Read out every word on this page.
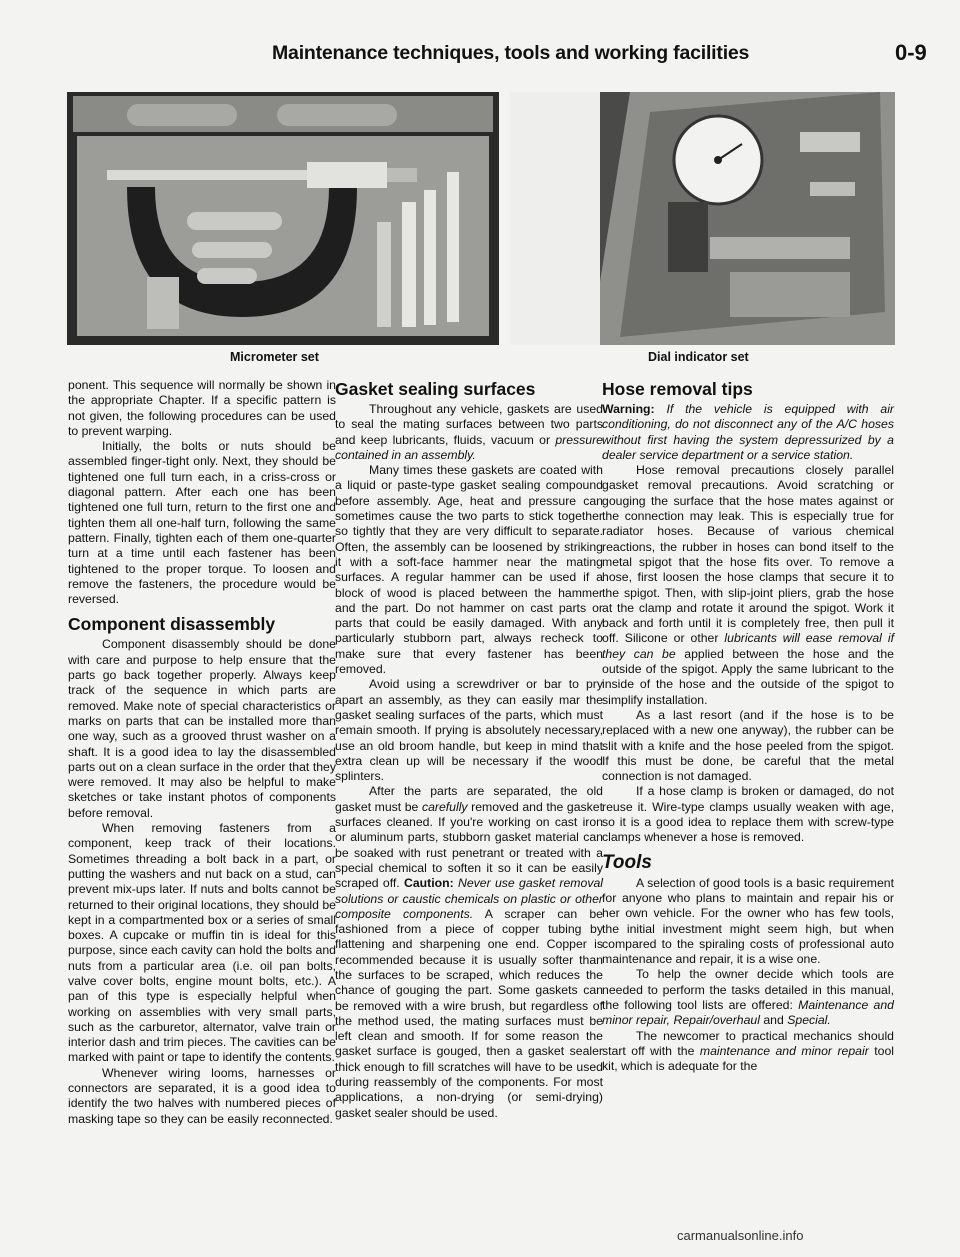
Maintenance techniques, tools and working facilities	0-9
Micrometer set	Dial indicator set

ponent. This sequence will normally be shown in the appropriate Chapter. If a specific pattern is not given, the following procedures can be used to prevent warping.

Initially, the bolts or nuts should be assembled finger-tight only. Next, they should be tightened one full turn each, in a criss-cross or diagonal pattern. After each one has been tightened one full turn, return to the first one and tighten them all one-half turn, following the same pattern. Finally, tighten each of them one-quarter turn at a time until each fastener has been tightened to the proper torque. To loosen and remove the fasteners, the procedure would be reversed.

Component disassembly

Component disassembly should be done with care and purpose to help ensure that the parts go back together properly. Always keep track of the sequence in which parts are removed. Make note of special characteristics or marks on parts that can be installed more than one way, such as a grooved thrust washer on a shaft. It is a good idea to lay the disassembled parts out on a clean surface in the order that they were removed. It may also be helpful to make sketches or take instant photos of components before removal.

When removing fasteners from a component, keep track of their locations. Sometimes threading a bolt back in a part, or putting the washers and nut back on a stud, can prevent mix-ups later. If nuts and bolts cannot be returned to their original locations, they should be kept in a compartmented box or a series of small boxes. A cupcake or muffin tin is ideal for this purpose, since each cavity can hold the bolts and nuts from a particular area (i.e. oil pan bolts, valve cover bolts, engine mount bolts, etc.). A pan of this type is especially helpful when working on assemblies with very small parts, such as the carburetor, alternator, valve train or interior dash and trim pieces. The cavities can be marked with paint or tape to identify the contents.

Whenever wiring looms, harnesses or connectors are separated, it is a good idea to identify the two halves with numbered pieces of masking tape so they can be easily reconnected.

Gasket sealing surfaces

Throughout any vehicle, gaskets are used to seal the mating surfaces between two parts and keep lubricants, fluids, vacuum or pressure contained in an assembly.

Many times these gaskets are coated with a liquid or paste-type gasket sealing compound before assembly. Age, heat and pressure can sometimes cause the two parts to stick together so tightly that they are very difficult to separate. Often, the assembly can be loosened by striking it with a soft-face hammer near the mating surfaces. A regular hammer can be used if a block of wood is placed between the hammer and the part. Do not hammer on cast parts or parts that could be easily damaged. With any particularly stubborn part, always recheck to make sure that every fastener has been removed.

Avoid using a screwdriver or bar to pry apart an assembly, as they can easily mar the gasket sealing surfaces of the parts, which must remain smooth. If prying is absolutely necessary, use an old broom handle, but keep in mind that extra clean up will be necessary if the wood splinters.

After the parts are separated, the old gasket must be carefully removed and the gasket surfaces cleaned. If you're working on cast iron or aluminum parts, stubborn gasket material can be soaked with rust penetrant or treated with a special chemical to soften it so it can be easily scraped off. Caution: Never use gasket removal solutions or caustic chemicals on plastic or other composite components. A scraper can be fashioned from a piece of copper tubing by flattening and sharpening one end. Copper is recommended because it is usually softer than the surfaces to be scraped, which reduces the chance of gouging the part. Some gaskets can be removed with a wire brush, but regardless of the method used, the mating surfaces must be left clean and smooth. If for some reason the gasket surface is gouged, then a gasket sealer thick enough to fill scratches will have to be used during reassembly of the components. For most applications, a non-drying (or semi-drying) gasket sealer should be used.

Hose removal tips

Warning: If the vehicle is equipped with air conditioning, do not disconnect any of the A/C hoses without first having the system depressurized by a dealer service department or a service station.

Hose removal precautions closely parallel gasket removal precautions. Avoid scratching or gouging the surface that the hose mates against or the connection may leak. This is especially true for radiator hoses. Because of various chemical reactions, the rubber in hoses can bond itself to the metal spigot that the hose fits over. To remove a hose, first loosen the hose clamps that secure it to the spigot. Then, with slip-joint pliers, grab the hose at the clamp and rotate it around the spigot. Work it back and forth until it is completely free, then pull it off. Silicone or other lubricants will ease removal if they can be applied between the hose and the outside of the spigot. Apply the same lubricant to the inside of the hose and the outside of the spigot to simplify installation.

As a last resort (and if the hose is to be replaced with a new one anyway), the rubber can be slit with a knife and the hose peeled from the spigot. If this must be done, be careful that the metal connection is not damaged.

If a hose clamp is broken or damaged, do not reuse it. Wire-type clamps usually weaken with age, so it is a good idea to replace them with screw-type clamps whenever a hose is removed.

Tools

A selection of good tools is a basic requirement for anyone who plans to maintain and repair his or her own vehicle. For the owner who has few tools, the initial investment might seem high, but when compared to the spiraling costs of professional auto maintenance and repair, it is a wise one.

To help the owner decide which tools are needed to perform the tasks detailed in this manual, the following tool lists are offered: Maintenance and minor repair, Repair/overhaul and Special.

The newcomer to practical mechanics should start off with the maintenance and minor repair tool kit, which is adequate for the

carmanualsonline.info
